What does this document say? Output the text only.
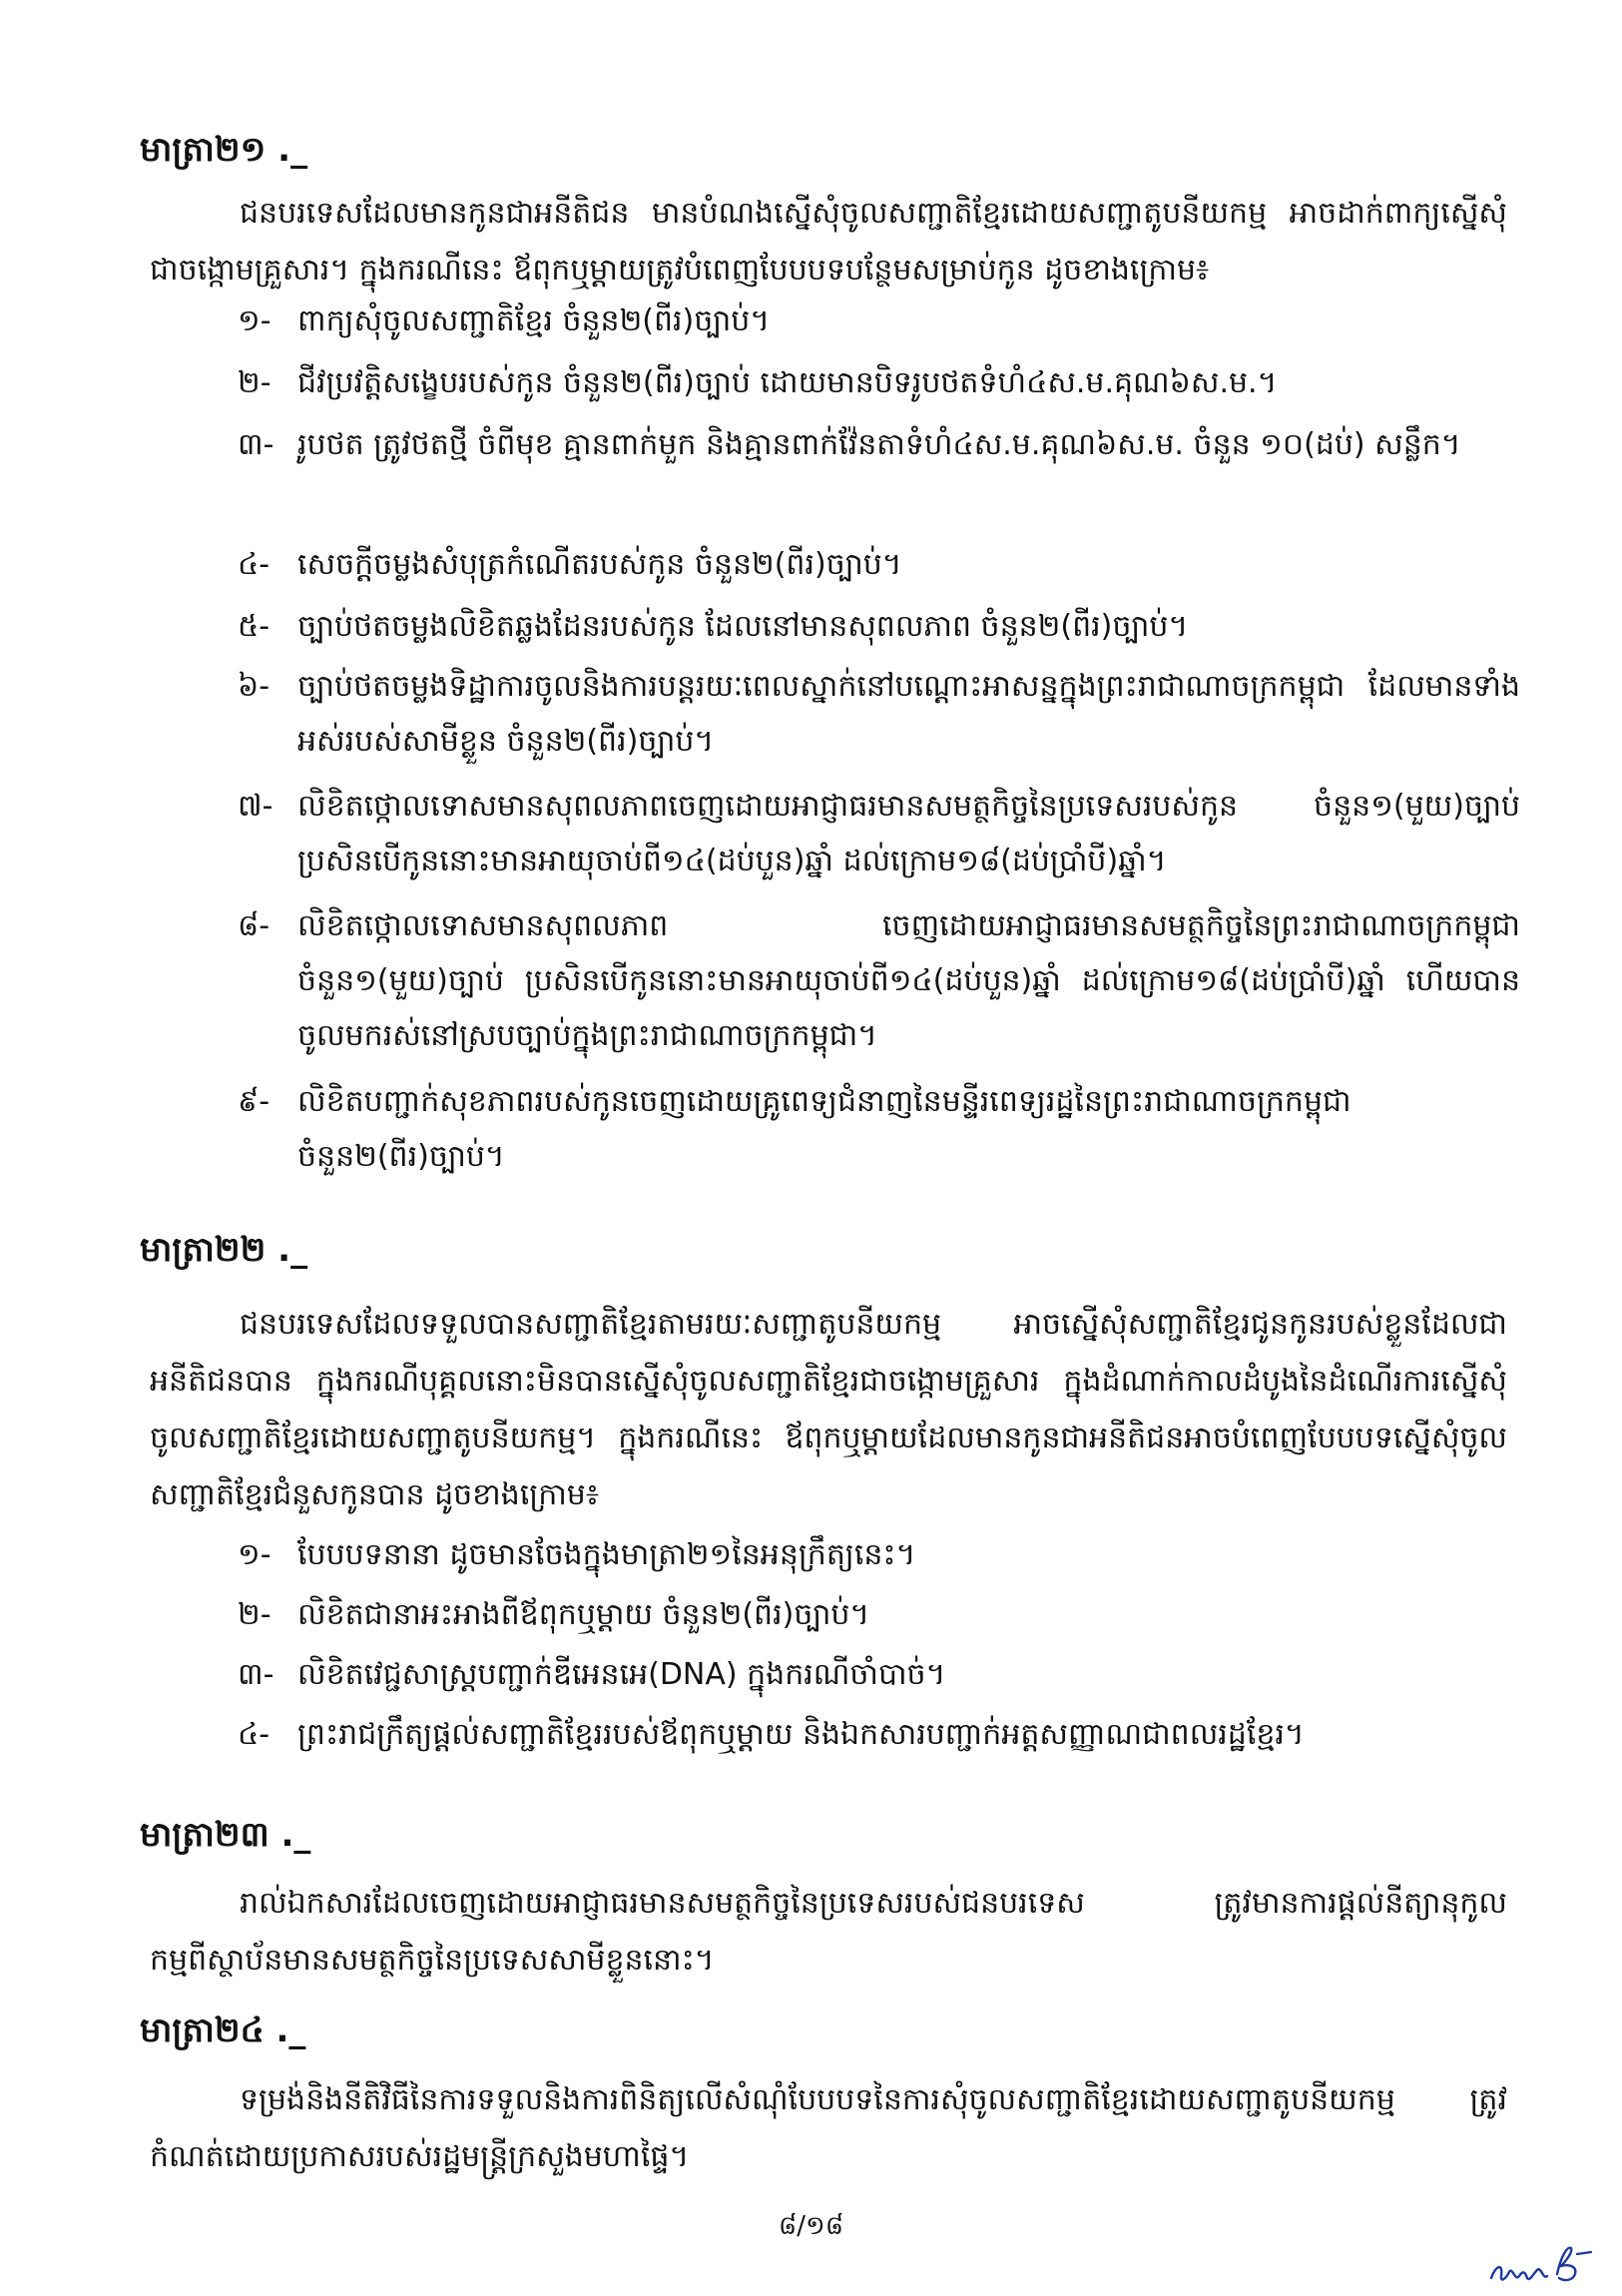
មាត្រា២១ ._
ជនបរទេសដែលមានកូនជាអនីតិជន មានបំណងស្នើសុំចូលសញ្ជាតិខ្មែរដោយសញ្ជាតូបនីយកម្ម អាចដាក់ពាក្យស្នើសុំជាចង្កោមគ្រួសារ។ ក្នុងករណីនេះ ឪពុកឬម្ដាយត្រូវបំពេញបែបបទបន្ថែមសម្រាប់កូន ដូចខាងក្រោម៖
១- ពាក្យសុំចូលសញ្ជាតិខ្មែរ ចំនួន២(ពីរ)ច្បាប់។
២- ជីវប្រវត្តិសង្ខេបរបស់កូន ចំនួន២(ពីរ)ច្បាប់ ដោយមានបិទរូបថតទំហំ៤ស.ម.គុណ៦ស.ម.។
៣- រូបថត ត្រូវថតថ្មី ចំពីមុខ គ្មានពាក់មួក និងគ្មានពាក់វ៉ែនតាទំហំ៤ស.ម.គុណ៦ស.ម. ចំនួន ១០(ដប់) សន្លឹក។
៤- សេចក្ដីចម្លងសំបុត្រកំណើតរបស់កូន ចំនួន២(ពីរ)ច្បាប់។
៥- ច្បាប់ថតចម្លងលិខិតឆ្លងដែនរបស់កូន ដែលនៅមានសុពលភាព ចំនួន២(ពីរ)ច្បាប់។
៦- ច្បាប់ថតចម្លងទិដ្ឋាការចូលនិងការបន្តរយៈពេលស្នាក់នៅបណ្ដោះអាសន្នក្នុងព្រះរាជាណាចក្រកម្ពុជា ដែលមានទាំងអស់របស់សាមីខ្លួន ចំនួន២(ពីរ)ច្បាប់។
៧- លិខិតថ្កោលទោសមានសុពលភាពចេញដោយអាជ្ញាធរមានសមត្ថកិច្ចនៃប្រទេសរបស់កូន ចំនួន១(មួយ)ច្បាប់ ប្រសិនបើកូននោះមានអាយុចាប់ពី១៤(ដប់បួន)ឆ្នាំ ដល់ក្រោម១៨(ដប់ប្រាំបី)ឆ្នាំ។
៨- លិខិតថ្កោលទោសមានសុពលភាព ចេញដោយអាជ្ញាធរមានសមត្ថកិច្ចនៃព្រះរាជាណាចក្រកម្ពុជា ចំនួន១(មួយ)ច្បាប់ ប្រសិនបើកូននោះមានអាយុចាប់ពី១៤(ដប់បួន)ឆ្នាំ ដល់ក្រោម១៨(ដប់ប្រាំបី)ឆ្នាំ ហើយបានចូលមករស់នៅស្របច្បាប់ក្នុងព្រះរាជាណាចក្រកម្ពុជា។
៩- លិខិតបញ្ជាក់សុខភាពរបស់កូនចេញដោយគ្រូពេទ្យជំនាញនៃមន្ទីរពេទ្យរដ្ឋនៃព្រះរាជាណាចក្រកម្ពុជា ចំនួន២(ពីរ)ច្បាប់។
មាត្រា២២ ._
ជនបរទេសដែលទទួលបានសញ្ជាតិខ្មែរតាមរយៈសញ្ជាតូបនីយកម្ម អាចស្នើសុំសញ្ជាតិខ្មែរជូនកូនរបស់ខ្លួនដែលជាអនីតិជនបាន ក្នុងករណីបុគ្គលនោះមិនបានស្នើសុំចូលសញ្ជាតិខ្មែរជាចង្កោមគ្រួសារ ក្នុងដំណាក់កាលដំបូងនៃដំណើរការស្នើសុំចូលសញ្ជាតិខ្មែរដោយសញ្ជាតូបនីយកម្ម។ ក្នុងករណីនេះ ឪពុកឬម្ដាយដែលមានកូនជាអនីតិជនអាចបំពេញបែបបទស្នើសុំចូលសញ្ជាតិខ្មែរជំនួសកូនបាន ដូចខាងក្រោម៖
១- បែបបទនានា ដូចមានចែងក្នុងមាត្រា២១នៃអនុក្រឹត្យនេះ។
២- លិខិតជានាអះអាងពីឪពុកឬម្ដាយ ចំនួន២(ពីរ)ច្បាប់។
៣- លិខិតវេជ្ជសាស្ត្របញ្ជាក់ឌីអេនអេ(DNA) ក្នុងករណីចាំបាច់។
៤- ព្រះរាជក្រឹត្យផ្ដល់សញ្ជាតិខ្មែររបស់ឪពុកឬម្ដាយ និងឯកសារបញ្ជាក់អត្តសញ្ញាណជាពលរដ្ឋខ្មែរ។
មាត្រា២៣ ._
រាល់ឯកសារដែលចេញដោយអាជ្ញាធរមានសមត្ថកិច្ចនៃប្រទេសរបស់ជនបរទេស ត្រូវមានការផ្ដល់នីត្យានុកូលកម្មពីស្ថាប័នមានសមត្ថកិច្ចនៃប្រទេសសាមីខ្លួននោះ។
មាត្រា២៤ ._
ទម្រង់និងនីតិវិធីនៃការទទួលនិងការពិនិត្យលើសំណុំបែបបទនៃការសុំចូលសញ្ជាតិខ្មែរដោយសញ្ជាតូបនីយកម្ម ត្រូវកំណត់ដោយប្រកាសរបស់រដ្ឋមន្ត្រីក្រសួងមហាផ្ទៃ។
៨/១៨
